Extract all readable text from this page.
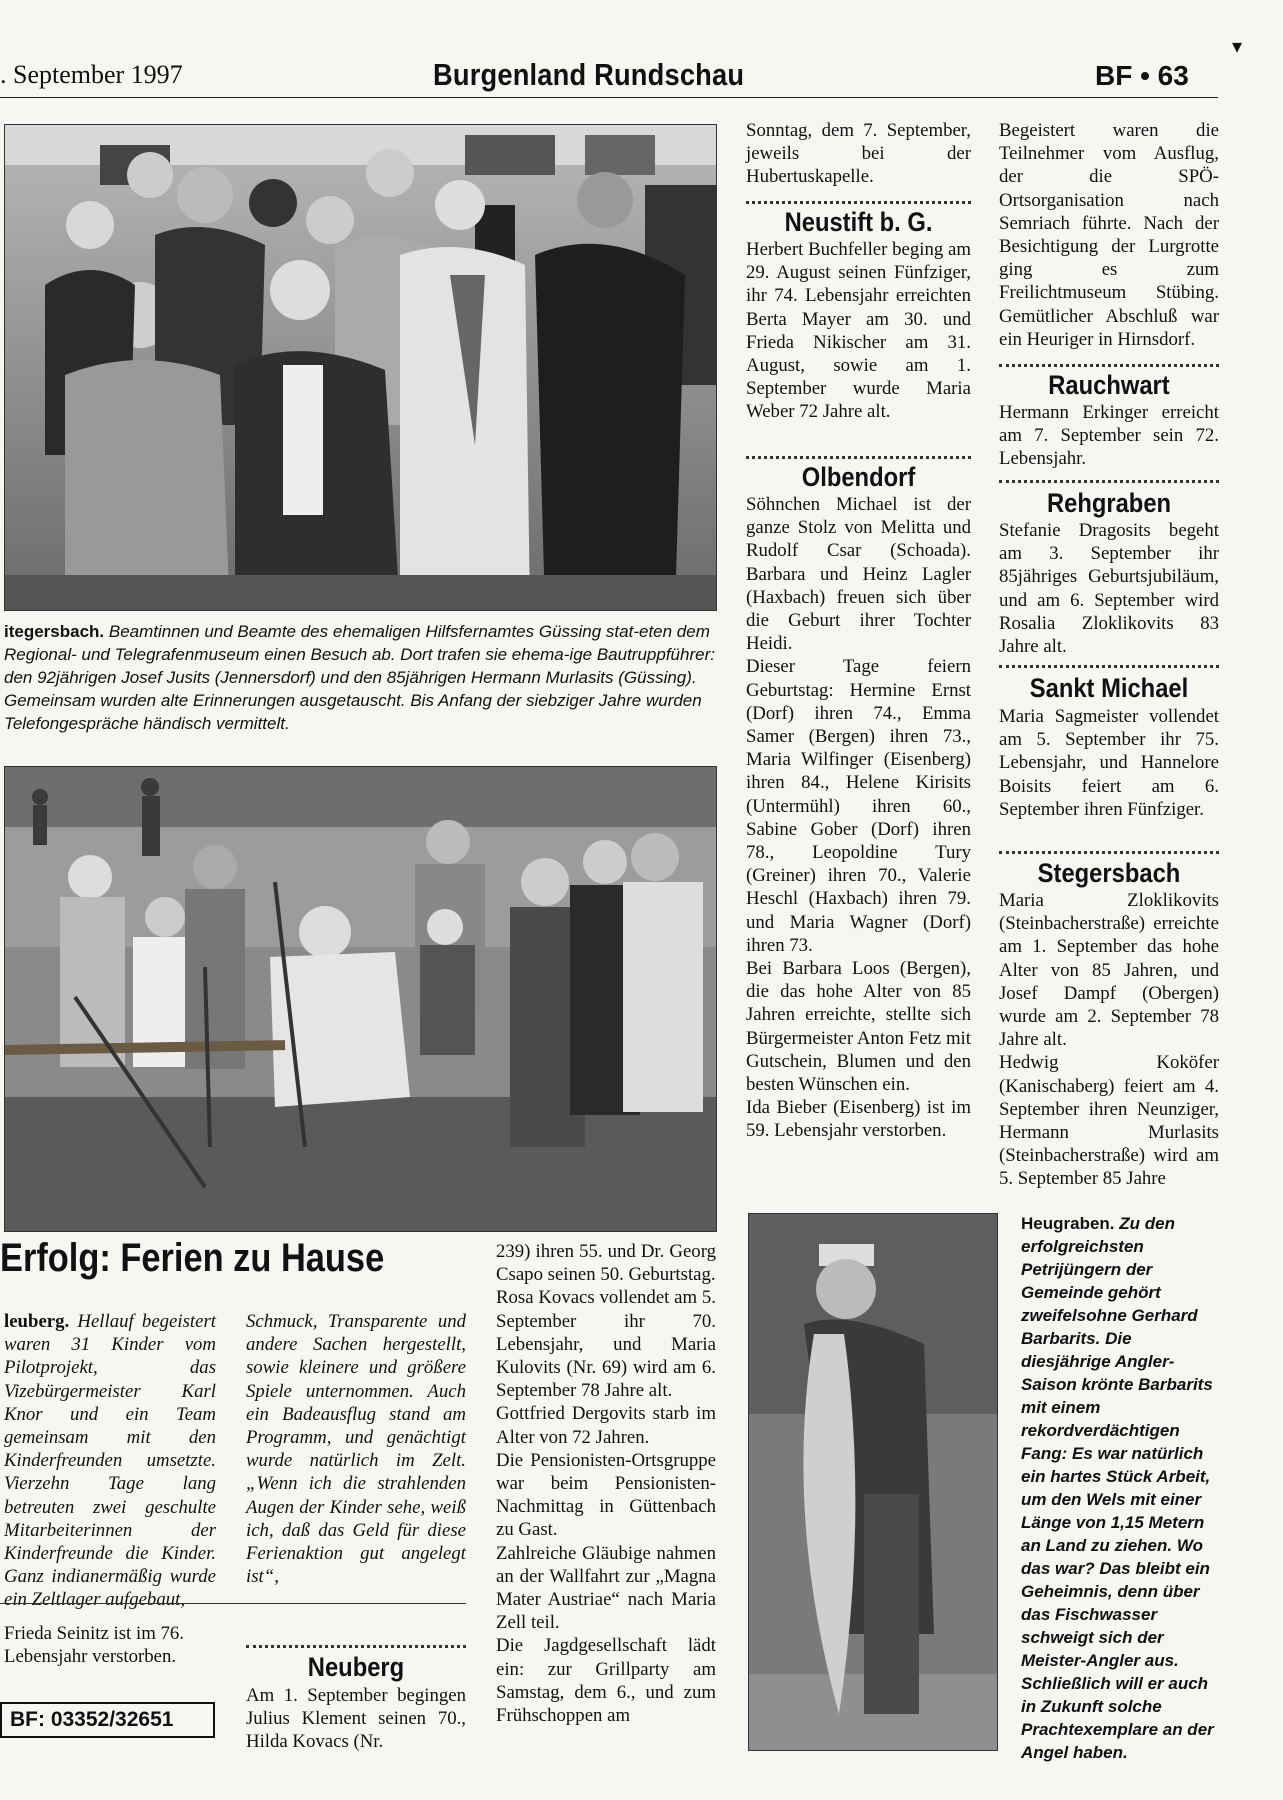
. September 1997	Burgenland Rundschau	BF • 63
itegersbach. Beamtinnen und Beamte des ehemaligen Hilfsfernamtes Güssing stat-eten dem Regional- und Telegrafenmuseum einen Besuch ab. Dort trafen sie ehema-ige Bautruppführer: den 92jährigen Josef Jusits (Jennersdorf) und den 85jährigen Hermann Murlasits (Güssing). Gemeinsam wurden alte Erinnerungen ausgetauscht. Bis Anfang der siebziger Jahre wurden Telefongespräche händisch vermittelt.
Sonntag, dem 7. September, jeweils bei der Hubertuskapelle.
Neustift b. G.
Herbert Buchfeller beging am 29. August seinen Fünfziger, ihr 74. Lebensjahr erreichten Berta Mayer am 30. und Frieda Nikischer am 31. August, sowie am 1. September wurde Maria Weber 72 Jahre alt.
Olbendorf

Söhnchen Michael ist der ganze Stolz von Melitta und Rudolf Csar (Schoada). Barbara und Heinz Lagler (Haxbach) freuen sich über die Geburt ihrer Tochter Heidi.

Dieser Tage feiern Geburtstag: Hermine Ernst (Dorf) ihren 74., Emma Samer (Bergen) ihren 73., Maria Wilfinger (Eisenberg) ihren 84., Helene Kirisits (Untermühl) ihren 60., Sabine Gober (Dorf) ihren 78., Leopoldine Tury (Greiner) ihren 70., Valerie Heschl (Haxbach) ihren 79. und Maria Wagner (Dorf) ihren 73.

Bei Barbara Loos (Bergen), die das hohe Alter von 85 Jahren erreichte, stellte sich Bürgermeister Anton Fetz mit Gutschein, Blumen und den besten Wünschen ein.

Ida Bieber (Eisenberg) ist im 59. Lebensjahr verstorben.

Begeistert waren die Teilnehmer vom Ausflug, der die SPÖ-Ortsorganisation nach Semriach führte. Nach der Besichtigung der Lurgrotte ging es zum Freilichtmuseum Stübing. Gemütlicher Abschluß war ein Heuriger in Hirnsdorf.
Rauchwart
Hermann Erkinger erreicht am 7. September sein 72. Lebensjahr.
Rehgraben
Stefanie Dragosits begeht am 3. September ihr 85jähriges Geburtsjubiläum, und am 6. September wird Rosalia Zloklikovits 83 Jahre alt.
Sankt Michael
Maria Sagmeister vollendet am 5. September ihr 75. Lebensjahr, und Hannelore Boisits feiert am 6. September ihren Fünfziger.
Stegersbach

Maria Zloklikovits (Steinbacherstraße) erreichte am 1. September das hohe Alter von 85 Jahren, und Josef Dampf (Obergen) wurde am 2. September 78 Jahre alt.

Hedwig Koköfer (Kanischaberg) feiert am 4. September ihren Neunziger, Hermann Murlasits (Steinbacherstraße) wird am 5. September 85 Jahre

Erfolg: Ferien zu Hause
leuberg. Hellauf begeistert waren 31 Kinder vom Pilotprojekt, das Vizebürgermeister Karl Knor und ein Team gemeinsam mit den Kinderfreunden umsetzte. Vierzehn Tage lang betreuten zwei geschulte Mitarbeiterinnen der Kinderfreunde die Kinder. Ganz indianermäßig wurde ein Zeltlager aufgebaut,
Schmuck, Transparente und andere Sachen hergestellt, sowie kleinere und größere Spiele unternommen. Auch ein Badeausflug stand am Programm, und genächtigt wurde natürlich im Zelt. „Wenn ich die strahlenden Augen der Kinder sehe, weiß ich, daß das Geld für diese Ferienaktion gut angelegt ist“,
Frieda Seinitz ist im 76. Lebensjahr verstorben.
BF: 03352/32651
Neuberg
Am 1. September begingen Julius Klement seinen 70., Hilda Kovacs (Nr.

239) ihren 55. und Dr. Georg Csapo seinen 50. Geburtstag.

Rosa Kovacs vollendet am 5. September ihr 70. Lebensjahr, und Maria Kulovits (Nr. 69) wird am 6. September 78 Jahre alt.

Gottfried Dergovits starb im Alter von 72 Jahren.

Die Pensionisten-Ortsgruppe war beim Pensionisten-Nachmittag in Güttenbach zu Gast.

Zahlreiche Gläubige nahmen an der Wallfahrt zur „Magna Mater Austriae“ nach Maria Zell teil.

Die Jagdgesellschaft lädt ein: zur Grillparty am Samstag, dem 6., und zum Frühschoppen am

Heugraben. Zu den erfolgreichsten Petrijüngern der Gemeinde gehört zweifelsohne Gerhard Barbarits. Die diesjährige Angler-Saison krönte Barbarits mit einem rekordverdächtigen Fang: Es war natürlich ein hartes Stück Arbeit, um den Wels mit einer Länge von 1,15 Metern an Land zu ziehen. Wo das war? Das bleibt ein Geheimnis, denn über das Fischwasser schweigt sich der Meister-Angler aus. Schließlich will er auch in Zukunft solche Prachtexemplare an der Angel haben.
▾
